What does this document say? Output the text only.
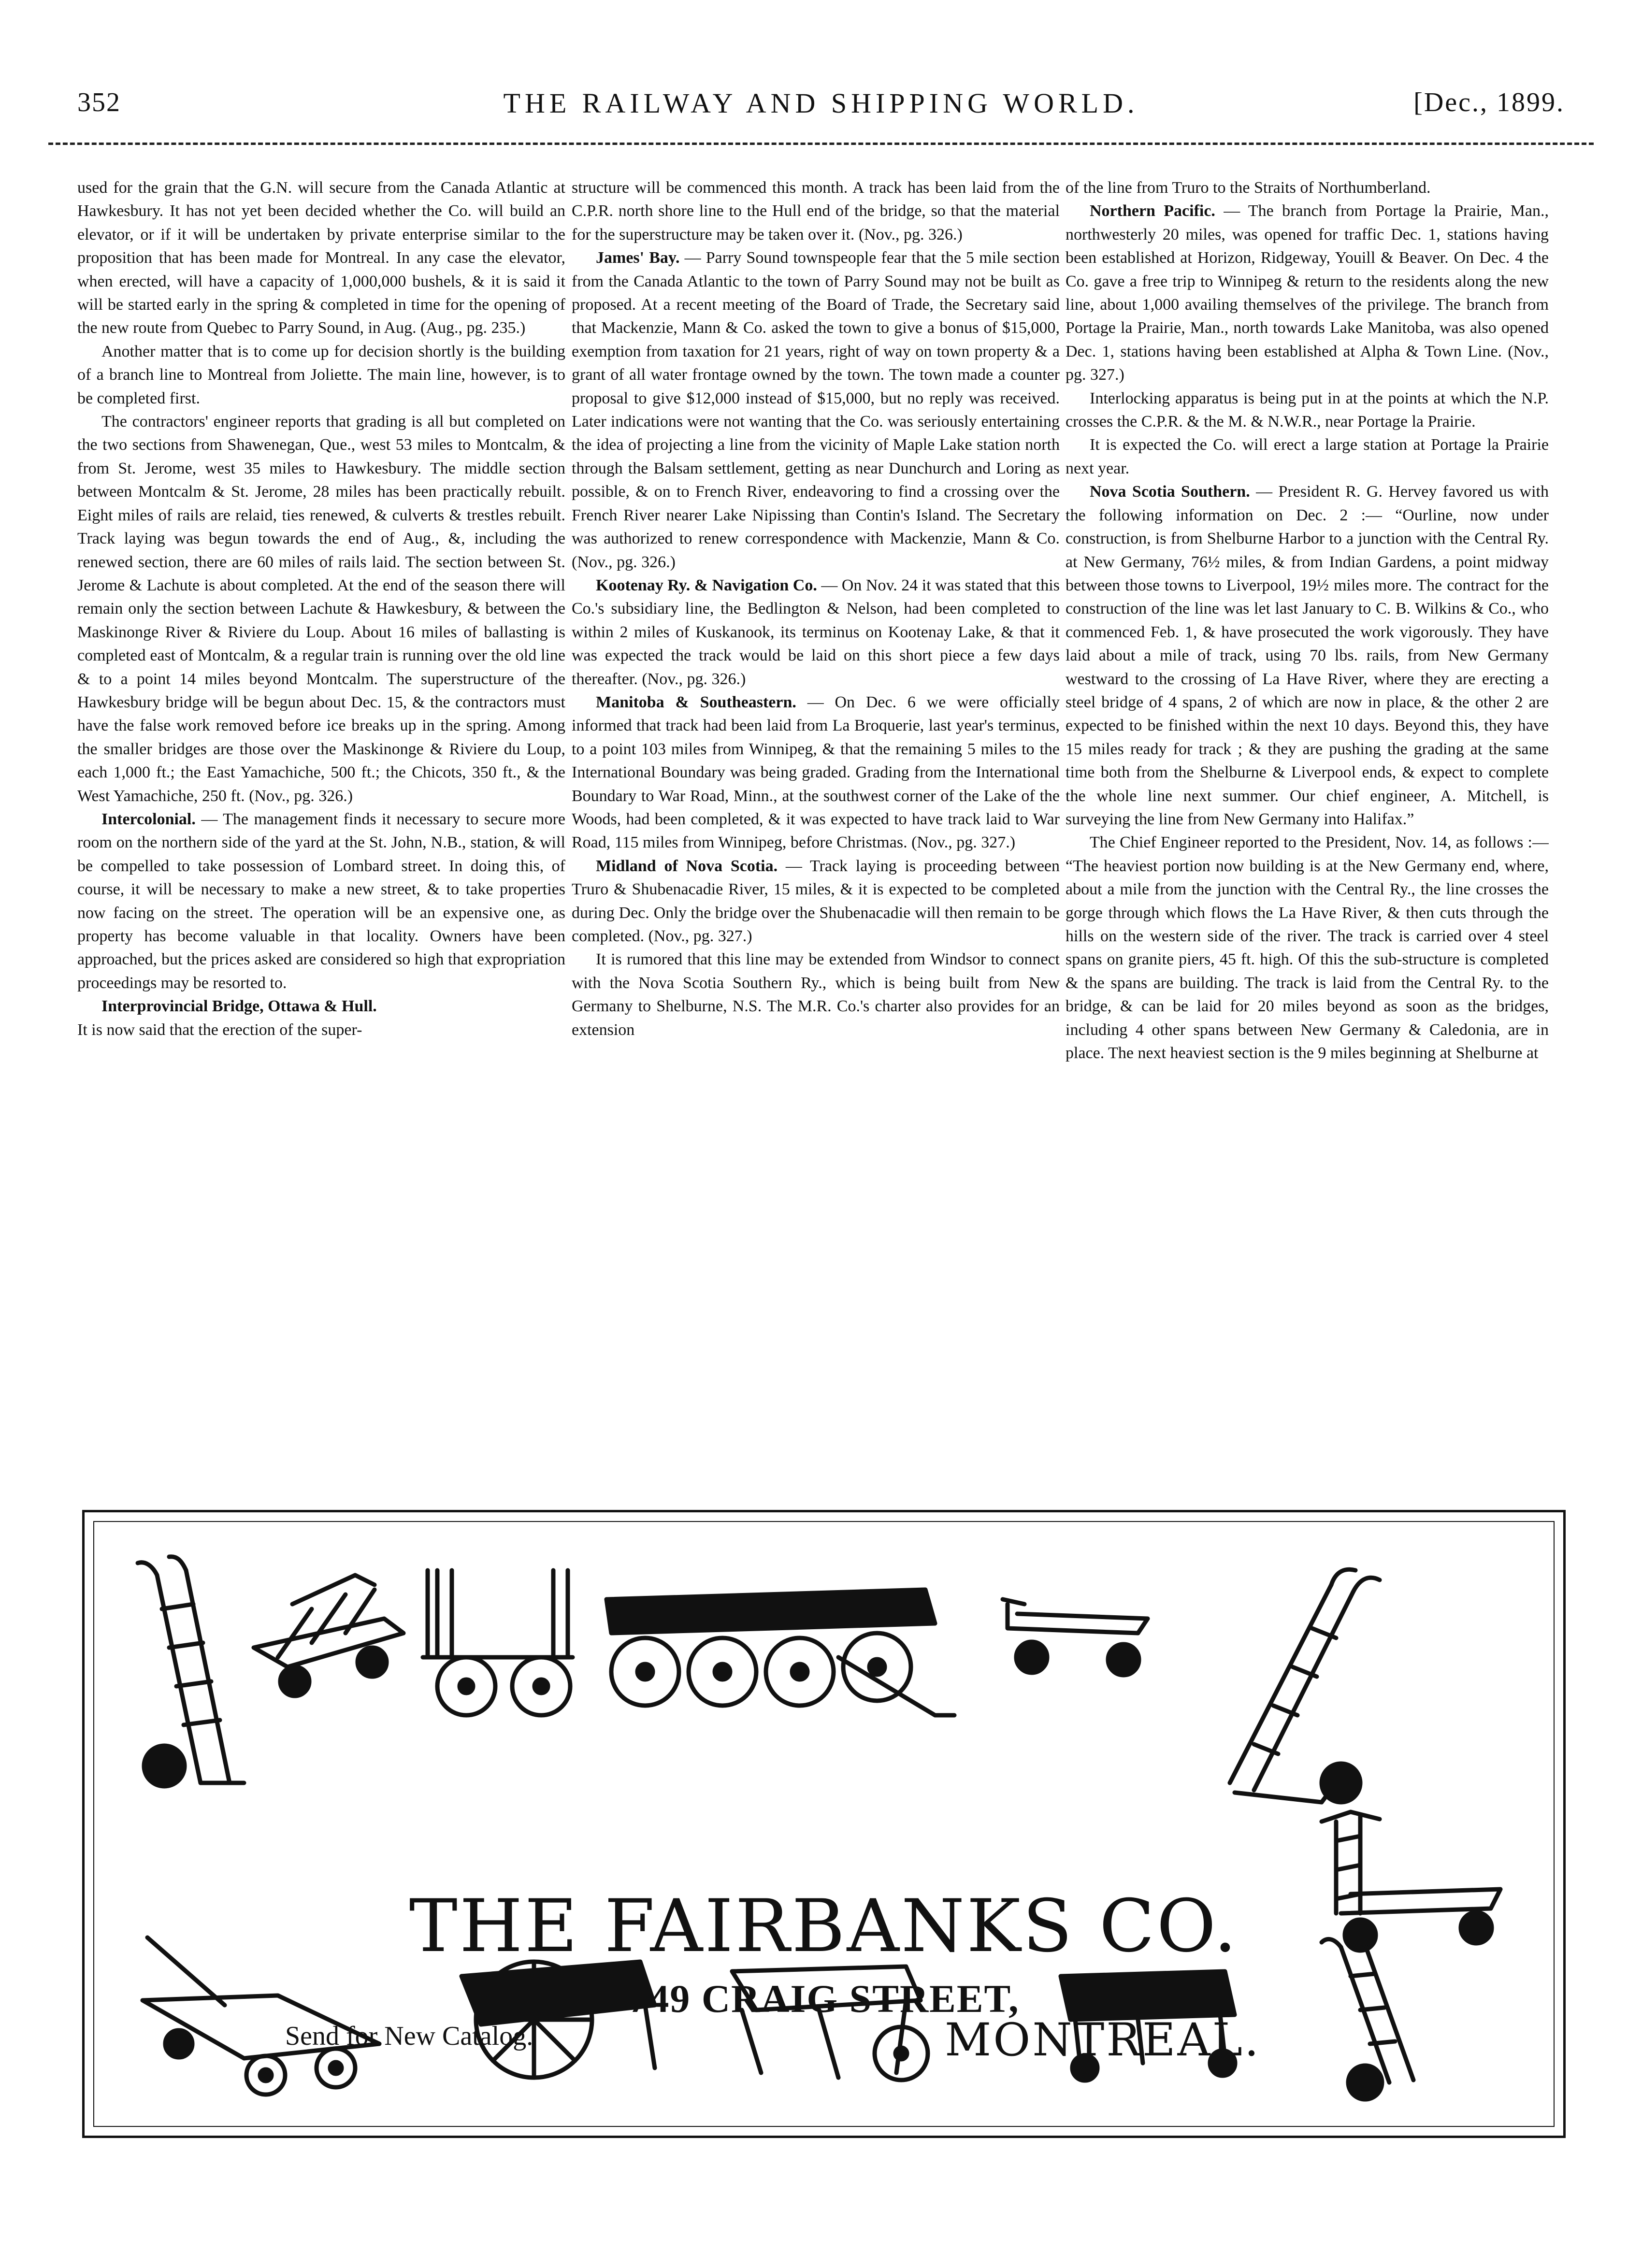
352	THE RAILWAY AND SHIPPING WORLD.	[Dec., 1899.

used for the grain that the G.N. will secure from the Canada Atlantic at Hawkesbury. It has not yet been decided whether the Co. will build an elevator, or if it will be undertaken by private enterprise similar to the proposition that has been made for Montreal. In any case the elevator, when erected, will have a capacity of 1,000,000 bushels, & it is said it will be started early in the spring & completed in time for the opening of the new route from Quebec to Parry Sound, in Aug. (Aug., pg. 235.)

Another matter that is to come up for decision shortly is the building of a branch line to Montreal from Joliette. The main line, however, is to be completed first.

The contractors' engineer reports that grading is all but completed on the two sections from Shawenegan, Que., west 53 miles to Montcalm, & from St. Jerome, west 35 miles to Hawkesbury. The middle section between Montcalm & St. Jerome, 28 miles has been practically rebuilt. Eight miles of rails are relaid, ties renewed, & culverts & trestles rebuilt. Track laying was begun towards the end of Aug., &, including the renewed section, there are 60 miles of rails laid. The section between St. Jerome & Lachute is about completed. At the end of the season there will remain only the section between Lachute & Hawkesbury, & between the Maskinonge River & Riviere du Loup. About 16 miles of ballasting is completed east of Montcalm, & a regular train is running over the old line & to a point 14 miles beyond Montcalm. The superstructure of the Hawkesbury bridge will be begun about Dec. 15, & the contractors must have the false work removed before ice breaks up in the spring. Among the smaller bridges are those over the Maskinonge & Riviere du Loup, each 1,000 ft.; the East Yamachiche, 500 ft.; the Chicots, 350 ft., & the West Yamachiche, 250 ft. (Nov., pg. 326.)

Intercolonial. — The management finds it necessary to secure more room on the northern side of the yard at the St. John, N.B., station, & will be compelled to take possession of Lombard street. In doing this, of course, it will be necessary to make a new street, & to take properties now facing on the street. The operation will be an expensive one, as property has become valuable in that locality. Owners have been approached, but the prices asked are considered so high that expropriation proceedings may be resorted to.

Interprovincial Bridge, Ottawa & Hull.

It is now said that the erection of the super-

structure will be commenced this month. A track has been laid from the C.P.R. north shore line to the Hull end of the bridge, so that the material for the superstructure may be taken over it. (Nov., pg. 326.)

James' Bay. — Parry Sound townspeople fear that the 5 mile section from the Canada Atlantic to the town of Parry Sound may not be built as proposed. At a recent meeting of the Board of Trade, the Secretary said that Mackenzie, Mann & Co. asked the town to give a bonus of $15,000, exemption from taxation for 21 years, right of way on town property & a grant of all water frontage owned by the town. The town made a counter proposal to give $12,000 instead of $15,000, but no reply was received. Later indications were not wanting that the Co. was seriously entertaining the idea of projecting a line from the vicinity of Maple Lake station north through the Balsam settlement, getting as near Dunchurch and Loring as possible, & on to French River, endeavoring to find a crossing over the French River nearer Lake Nipissing than Contin's Island. The Secretary was authorized to renew correspondence with Mackenzie, Mann & Co. (Nov., pg. 326.)

Kootenay Ry. & Navigation Co. — On Nov. 24 it was stated that this Co.'s subsidiary line, the Bedlington & Nelson, had been completed to within 2 miles of Kuskanook, its terminus on Kootenay Lake, & that it was expected the track would be laid on this short piece a few days thereafter. (Nov., pg. 326.)

Manitoba & Southeastern. — On Dec. 6 we were officially informed that track had been laid from La Broquerie, last year's terminus, to a point 103 miles from Winnipeg, & that the remaining 5 miles to the International Boundary was being graded. Grading from the International Boundary to War Road, Minn., at the southwest corner of the Lake of the Woods, had been completed, & it was expected to have track laid to War Road, 115 miles from Winnipeg, before Christmas. (Nov., pg. 327.)

Midland of Nova Scotia. — Track laying is proceeding between Truro & Shubenacadie River, 15 miles, & it is expected to be completed during Dec. Only the bridge over the Shubenacadie will then remain to be completed. (Nov., pg. 327.)

It is rumored that this line may be extended from Windsor to connect with the Nova Scotia Southern Ry., which is being built from New Germany to Shelburne, N.S. The M.R. Co.'s charter also provides for an extension

of the line from Truro to the Straits of Northumberland.

Northern Pacific. — The branch from Portage la Prairie, Man., northwesterly 20 miles, was opened for traffic Dec. 1, stations having been established at Horizon, Ridgeway, Youill & Beaver. On Dec. 4 the Co. gave a free trip to Winnipeg & return to the residents along the new line, about 1,000 availing themselves of the privilege. The branch from Portage la Prairie, Man., north towards Lake Manitoba, was also opened Dec. 1, stations having been established at Alpha & Town Line. (Nov., pg. 327.)

Interlocking apparatus is being put in at the points at which the N.P. crosses the C.P.R. & the M. & N.W.R., near Portage la Prairie.

It is expected the Co. will erect a large station at Portage la Prairie next year.

Nova Scotia Southern. — President R. G. Hervey favored us with the following information on Dec. 2 :— “Ourline, now under construction, is from Shelburne Harbor to a junction with the Central Ry. at New Germany, 76½ miles, & from Indian Gardens, a point midway between those towns to Liverpool, 19½ miles more. The contract for the construction of the line was let last January to C. B. Wilkins & Co., who commenced Feb. 1, & have prosecuted the work vigorously. They have laid about a mile of track, using 70 lbs. rails, from New Germany westward to the crossing of La Have River, where they are erecting a steel bridge of 4 spans, 2 of which are now in place, & the other 2 are expected to be finished within the next 10 days. Beyond this, they have 15 miles ready for track ; & they are pushing the grading at the same time both from the Shelburne & Liverpool ends, & expect to complete the whole line next summer. Our chief engineer, A. Mitchell, is surveying the line from New Germany into Halifax.”

The Chief Engineer reported to the President, Nov. 14, as follows :— “The heaviest portion now building is at the New Germany end, where, about a mile from the junction with the Central Ry., the line crosses the gorge through which flows the La Have River, & then cuts through the hills on the western side of the river. The track is carried over 4 steel spans on granite piers, 45 ft. high. Of this the sub-structure is completed & the spans are building. The track is laid from the Central Ry. to the bridge, & can be laid for 20 miles beyond as soon as the bridges, including 4 other spans between New Germany & Caledonia, are in place. The next heaviest section is the 9 miles beginning at Shelburne at

THE FAIRBANKS CO.
749 CRAIG STREET,
Send for New Catalog.	MONTREAL.
